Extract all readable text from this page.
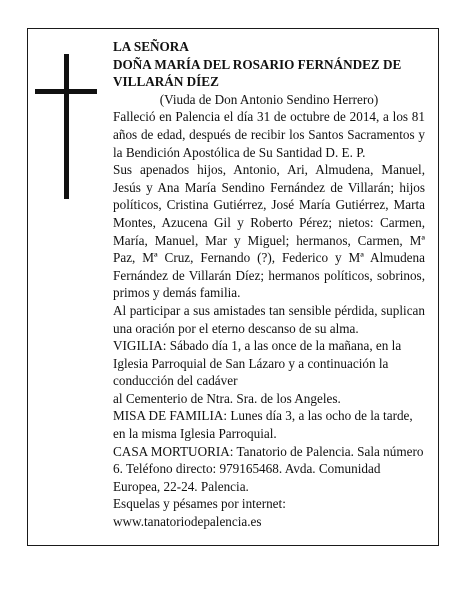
LA SEÑORA

DOÑA MARÍA DEL ROSARIO FERNÁNDEZ DE VILLARÁN DÍEZ

(Viuda de Don Antonio Sendino Herrero)

Falleció en Palencia el día 31 de octubre de 2014, a los 81 años de edad, después de recibir los Santos Sacramentos y la Bendición Apostólica de Su Santidad D. E. P.

Sus apenados hijos, Antonio, Ari, Almudena, Manuel, Jesús y Ana María Sendino Fernández de Villarán; hijos políticos, Cristina Gutiérrez, José María Gutiérrez, Marta Montes, Azucena Gil y Roberto Pérez; nietos: Carmen, María, Manuel, Mar y Miguel; hermanos, Carmen, Mª Paz, Mª Cruz, Fernando (?), Federico y Mª Almudena Fernández de Villarán Díez; hermanos políticos, sobrinos, primos y demás familia.

Al participar a sus amistades tan sensible pérdida, suplican una oración por el eterno descanso de su alma.

VIGILIA: Sábado día 1, a las once de la mañana, en la Iglesia Parroquial de San Lázaro y a continuación la conducción del cadáver

al Cementerio de Ntra. Sra. de los Angeles.

MISA DE FAMILIA: Lunes día 3, a las ocho de la tarde, en la misma Iglesia Parroquial.

CASA MORTUORIA: Tanatorio de Palencia. Sala número 6. Teléfono directo: 979165468. Avda. Comunidad Europea, 22-24. Palencia.

Esquelas y pésames por internet:

www.tanatoriodepalencia.es
